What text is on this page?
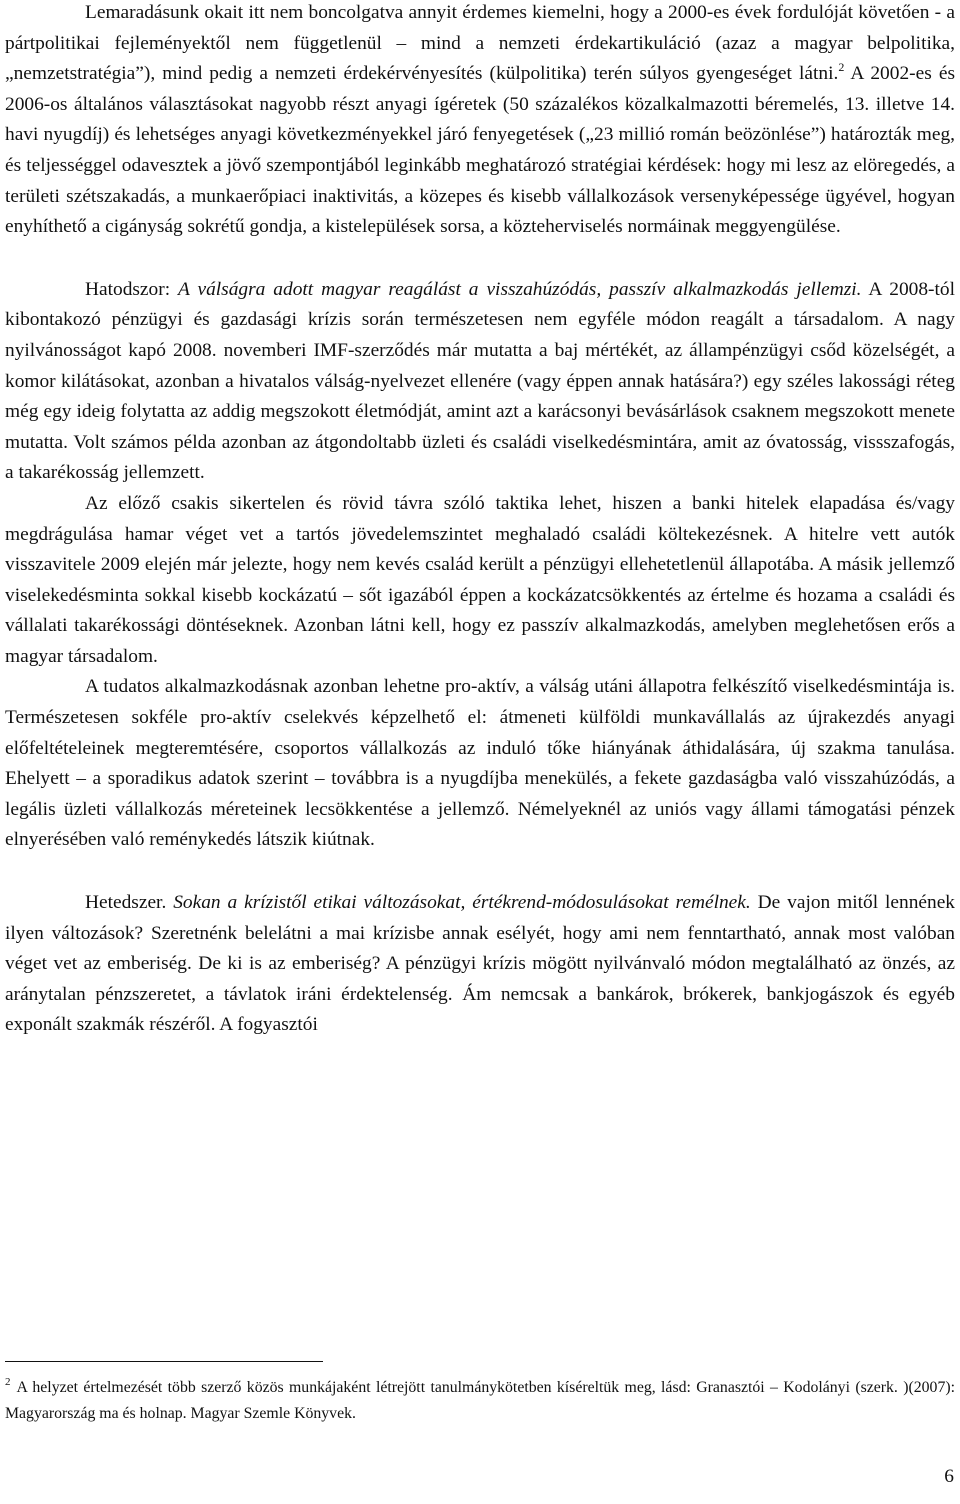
Lemaradásunk okait itt nem boncolgatva annyit érdemes kiemelni, hogy a 2000-es évek fordulóját követően - a pártpolitikai fejleményektől nem függetlenül – mind a nemzeti érdekartikuláció (azaz a magyar belpolitika, „nemzetstratégia”), mind pedig a nemzeti érdekérvényesítés (külpolitika) terén súlyos gyengeséget látni.$^2$ A 2002-es és 2006-os általános választásokat nagyobb részt anyagi ígéretek (50 százalékos közalkalmazotti béremelés, 13. illetve 14. havi nyugdíj) és lehetséges anyagi következményekkel járó fenyegetések („23 millió román beözönlése”) határozták meg, és teljességgel odavesztek a jövő szempontjából leginkább meghatározó stratégiai kérdések: hogy mi lesz az elöregedés, a területi szétszakadás, a munkaerőpiaci inaktivitás, a közepes és kisebb vállalkozások versenyképessége ügyével, hogyan enyhíthető a cigányság sokrétű gondja, a kistelepülések sorsa, a közteherviselés normáinak meggyengülése.

Hatodszor: A válságra adott magyar reagálást a visszahúzódás, passzív alkalmazkodás jellemzi. A 2008-tól kibontakozó pénzügyi és gazdasági krízis során természetesen nem egyféle módon reagált a társadalom. A nagy nyilvánosságot kapó 2008. novemberi IMF-szerződés már mutatta a baj mértékét, az állampénzügyi csőd közelségét, a komor kilátásokat, azonban a hivatalos válság-nyelvezet ellenére (vagy éppen annak hatására?) egy széles lakossági réteg még egy ideig folytatta az addig megszokott életmódját, amint azt a karácsonyi bevásárlások csaknem megszokott menete mutatta. Volt számos példa azonban az átgondoltabb üzleti és családi viselkedésmintára, amit az óvatosság, vissszafogás, a takarékosság jellemzett.

Az előző csakis sikertelen és rövid távra szóló taktika lehet, hiszen a banki hitelek elapadása és/vagy megdrágulása hamar véget vet a tartós jövedelemszintet meghaladó családi költekezésnek. A hitelre vett autók visszavitele 2009 elején már jelezte, hogy nem kevés család került a pénzügyi ellehetetlenül állapotába. A másik jellemző viselekedésminta sokkal kisebb kockázatú – sőt igazából éppen a kockázatcsökkentés az értelme és hozama a családi és vállalati takarékossági döntéseknek. Azonban látni kell, hogy ez passzív alkalmazkodás, amelyben meglehetősen erős a magyar társadalom.

A tudatos alkalmazkodásnak azonban lehetne pro-aktív, a válság utáni állapotra felkészítő viselkedésmintája is. Természetesen sokféle pro-aktív cselekvés képzelhető el: átmeneti külföldi munkavállalás az újrakezdés anyagi előfeltételeinek megteremtésére, csoportos vállalkozás az induló tőke hiányának áthidalására, új szakma tanulása. Ehelyett – a sporadikus adatok szerint – továbbra is a nyugdíjba menekülés, a fekete gazdaságba való visszahúzódás, a legális üzleti vállalkozás méreteinek lecsökkentése a jellemző. Némelyeknél az uniós vagy állami támogatási pénzek elnyerésében való reménykedés látszik kiútnak.

Hetedszer. Sokan a krízistől etikai változásokat, értékrend-módosulásokat remélnek. De vajon mitől lennének ilyen változások? Szeretnénk belelátni a mai krízisbe annak esélyét, hogy ami nem fenntartható, annak most valóban véget vet az emberiség. De ki is az emberiség? A pénzügyi krízis mögött nyilvánvaló módon megtalálható az önzés, az aránytalan pénzszeretet, a távlatok iráni érdektelenség. Ám nemcsak a bankárok, brókerek, bankjogászok és egyéb exponált szakmák részéről. A fogyasztói

$^2$ A helyzet értelmezését több szerző közös munkájaként létrejött tanulmánykötetben kíséreltük meg, lásd: Granasztói – Kodolányi (szerk. )(2007): Magyarország ma és holnap. Magyar Szemle Könyvek.

6
